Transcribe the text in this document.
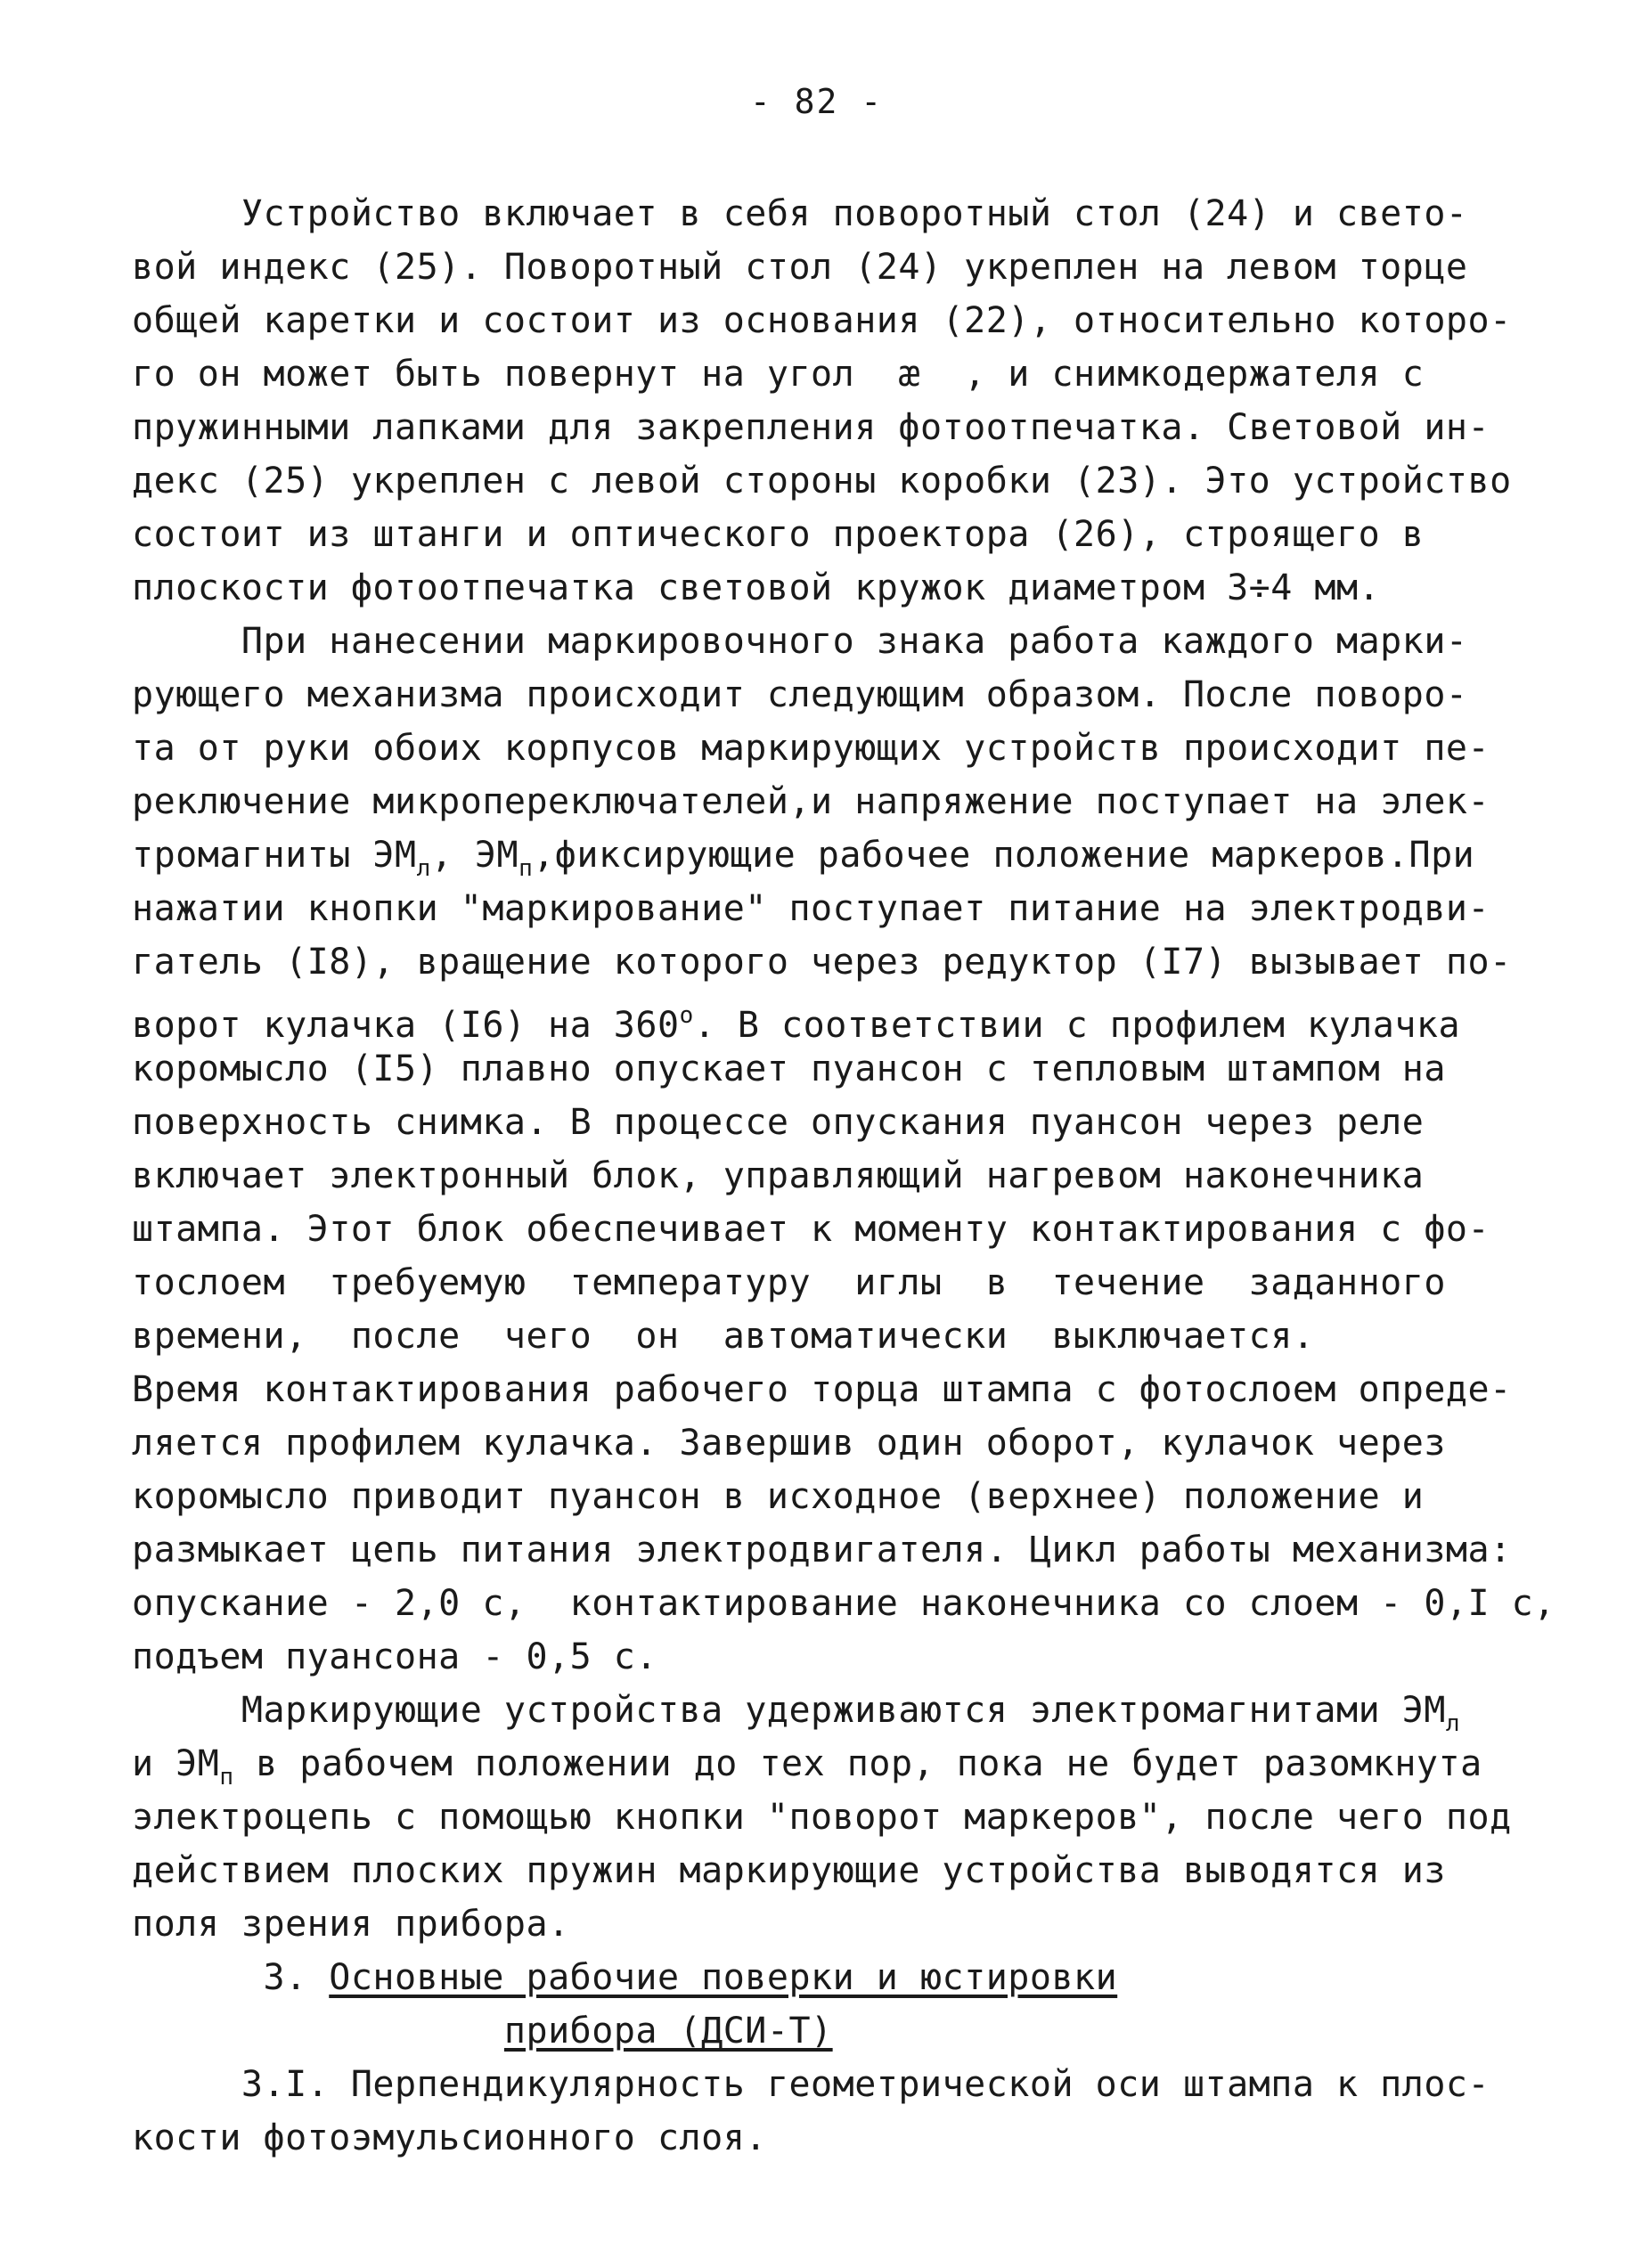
- 82 -
Устройство включает в себя поворотный стол (24) и свето-
вой индекс (25). Поворотный стол (24) укреплен на левом торце
общей каретки и состоит из основания (22), относительно которо-
го он может быть повернут на угол  æ  , и снимкодержателя с
пружинными лапками для закрепления фотоотпечатка. Световой ин-
декс (25) укреплен с левой стороны коробки (23). Это устройство
состоит из штанги и оптического проектора (26), строящего в
плоскости фотоотпечатка световой кружок диаметром 3÷4 мм.
При нанесении маркировочного знака работа каждого марки-
рующего механизма происходит следующим образом. После поворо-
та от руки обоих корпусов маркирующих устройств происходит пе-
реключение микропереключателей,и напряжение поступает на элек-
тромагниты $ЭМ_л$, $ЭМ_п,фиксирующие$ рабочее положение маркеров.При
нажатии кнопки "маркирование" поступает питание на электродви-
гатель (I8), вращение которого через редуктор (I7) вызывает по-
ворот кулачка (I6) на $360^о$. В соответствии с профилем кулачка
коромысло (I5) плавно опускает пуансон с тепловым штампом на
поверхность снимка. В процессе опускания пуансон через реле
включает электронный блок, управляющий нагревом наконечника
штампа. Этот блок обеспечивает к моменту контактирования с фо-
тослоем  требуемую  температуру  иглы  в  течение  заданного
времени,  после  чего  он  автоматически  выключается.
Время контактирования рабочего торца штампа с фотослоем опреде-
ляется профилем кулачка. Завершив один оборот, кулачок через
коромысло приводит пуансон в исходное (верхнее) положение и
размыкает цепь питания электродвигателя. Цикл работы механизма:
опускание - 2,0 с,  контактирование наконечника со слоем - 0,I с,
подъем пуансона - 0,5 с.
Маркирующие устройства удерживаются электромагнитами $ЭМ_л$
и $ЭМ_п$ в рабочем положении до тех пор, пока не будет разомкнута
электроцепь с помощью кнопки "поворот маркеров", после чего под
действием плоских пружин маркирующие устройства выводятся из
поля зрения прибора.
3. Основные рабочие поверки и юстировки
прибора (ДСИ-Т)
3.I. Перпендикулярность геометрической оси штампа к плос-
кости фотоэмульсионного слоя.
